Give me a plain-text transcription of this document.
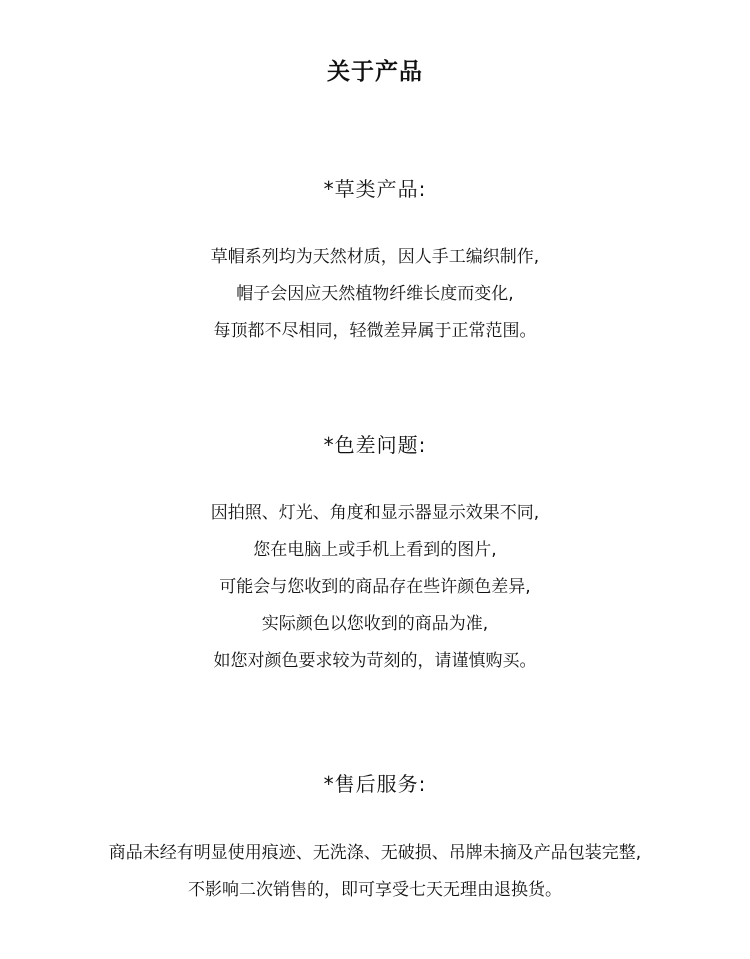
关于产品
*草类产品:
草帽系列均为天然材质，因人手工编织制作,
帽子会因应天然植物纤维长度而变化,
每顶都不尽相同，轻微差异属于正常范围。
*色差问题:
因拍照、灯光、角度和显示器显示效果不同,
您在电脑上或手机上看到的图片,
可能会与您收到的商品存在些许颜色差异,
实际颜色以您收到的商品为准,
如您对颜色要求较为苛刻的，请谨慎购买。
*售后服务:
商品未经有明显使用痕迹、无洗涤、无破损、吊牌未摘及产品包装完整,
不影响二次销售的，即可享受七天无理由退换货。
